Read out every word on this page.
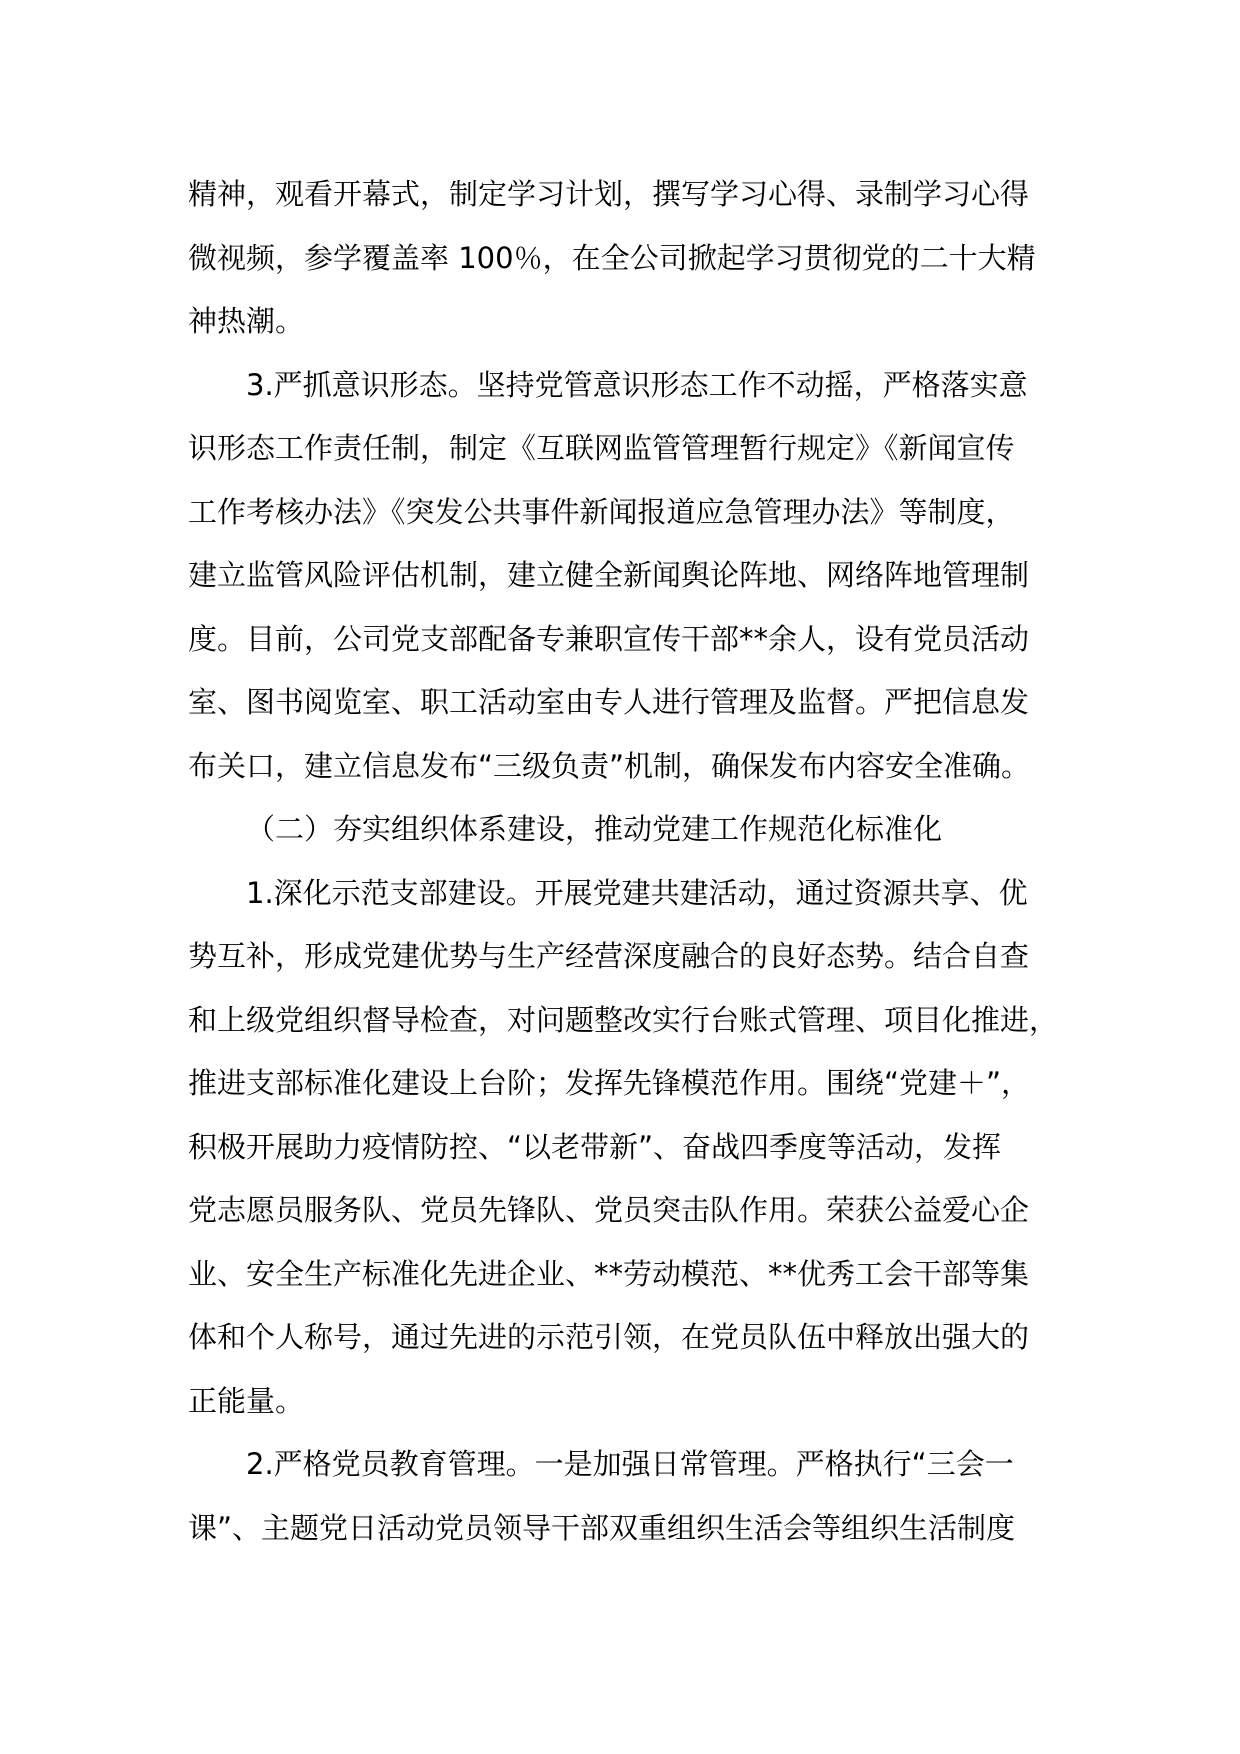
精神，观看开幕式，制定学习计划，撰写学习心得、录制学习心得
微视频，参学覆盖率 100％，在全公司掀起学习贯彻党的二十大精
神热潮。
3.严抓意识形态。坚持党管意识形态工作不动摇，严格落实意
识形态工作责任制，制定《互联网监管管理暂行规定》《新闻宣传
工作考核办法》《突发公共事件新闻报道应急管理办法》等制度，
建立监管风险评估机制，建立健全新闻舆论阵地、网络阵地管理制
度。目前，公司党支部配备专兼职宣传干部**余人，设有党员活动
室、图书阅览室、职工活动室由专人进行管理及监督。严把信息发
布关口，建立信息发布“三级负责”机制，确保发布内容安全准确。
（二）夯实组织体系建设，推动党建工作规范化标准化
1.深化示范支部建设。开展党建共建活动，通过资源共享、优
势互补，形成党建优势与生产经营深度融合的良好态势。结合自查
和上级党组织督导检查，对问题整改实行台账式管理、项目化推进，
推进支部标准化建设上台阶；发挥先锋模范作用。围绕“党建＋”，
积极开展助力疫情防控、“以老带新”、奋战四季度等活动，发挥
党志愿员服务队、党员先锋队、党员突击队作用。荣获公益爱心企
业、安全生产标准化先进企业、**劳动模范、**优秀工会干部等集
体和个人称号，通过先进的示范引领，在党员队伍中释放出强大的
正能量。
2.严格党员教育管理。一是加强日常管理。严格执行“三会一
课”、主题党日活动党员领导干部双重组织生活会等组织生活制度
